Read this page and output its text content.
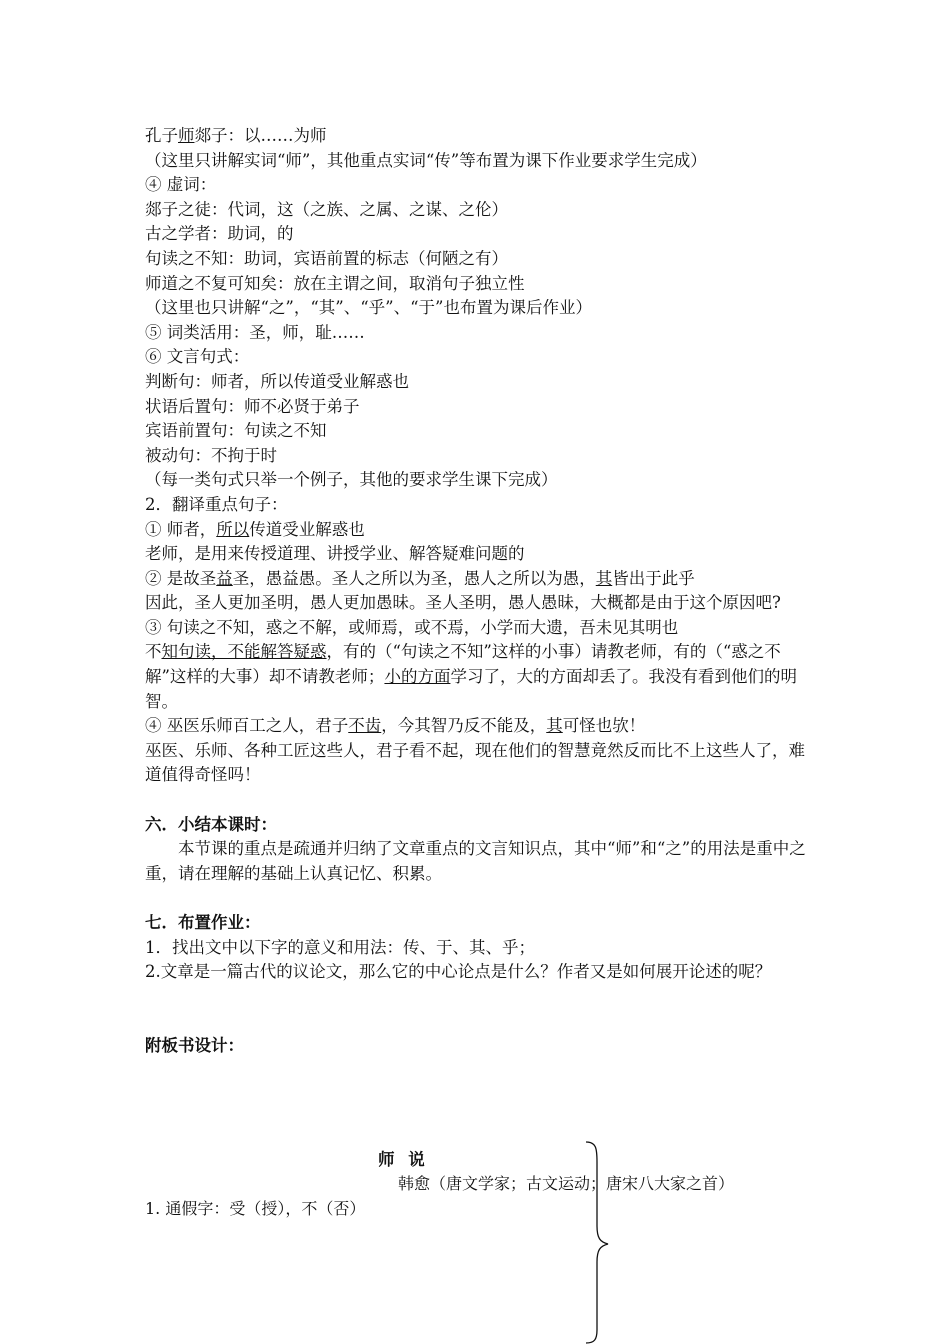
孔子师郯子：以……为师
（这里只讲解实词“师”，其他重点实词“传”等布置为课下作业要求学生完成）
④ 虚词：
郯子之徒：代词，这（之族、之属、之谋、之伦）
古之学者：助词，的
句读之不知：助词，宾语前置的标志（何陋之有）
师道之不复可知矣：放在主谓之间，取消句子独立性
（这里也只讲解“之”，“其”、“乎”、“于”也布置为课后作业）
⑤ 词类活用：圣，师，耻……
⑥ 文言句式：
判断句：师者，所以传道受业解惑也
状语后置句：师不必贤于弟子
宾语前置句：句读之不知
被动句：不拘于时
（每一类句式只举一个例子，其他的要求学生课下完成）
2．翻译重点句子：
① 师者，所以传道受业解惑也
老师，是用来传授道理、讲授学业、解答疑难问题的
② 是故圣益圣，愚益愚。圣人之所以为圣，愚人之所以为愚，其皆出于此乎
因此，圣人更加圣明，愚人更加愚昧。圣人圣明，愚人愚昧，大概都是由于这个原因吧?
③ 句读之不知，惑之不解，或师焉，或不焉，小学而大遗，吾未见其明也
不知句读，不能解答疑惑，有的（“句读之不知”这样的小事）请教老师，有的（“惑之不解”这样的大事）却不请教老师；小的方面学习了，大的方面却丢了。我没有看到他们的明智。
④ 巫医乐师百工之人，君子不齿，今其智乃反不能及，其可怪也欤！
巫医、乐师、各种工匠这些人，君子看不起，现在他们的智慧竟然反而比不上这些人了，难道值得奇怪吗！
六．小结本课时：
本节课的重点是疏通并归纳了文章重点的文言知识点，其中“师”和“之”的用法是重中之重，请在理解的基础上认真记忆、积累。
七．布置作业：
1．找出文中以下字的意义和用法：传、于、其、乎；
2.文章是一篇古代的议论文，那么它的中心论点是什么？作者又是如何展开论述的呢？
附板书设计：
师 说
韩愈（唐文学家；古文运动；唐宋八大家之首）
1. 通假字：受（授），不（否）
